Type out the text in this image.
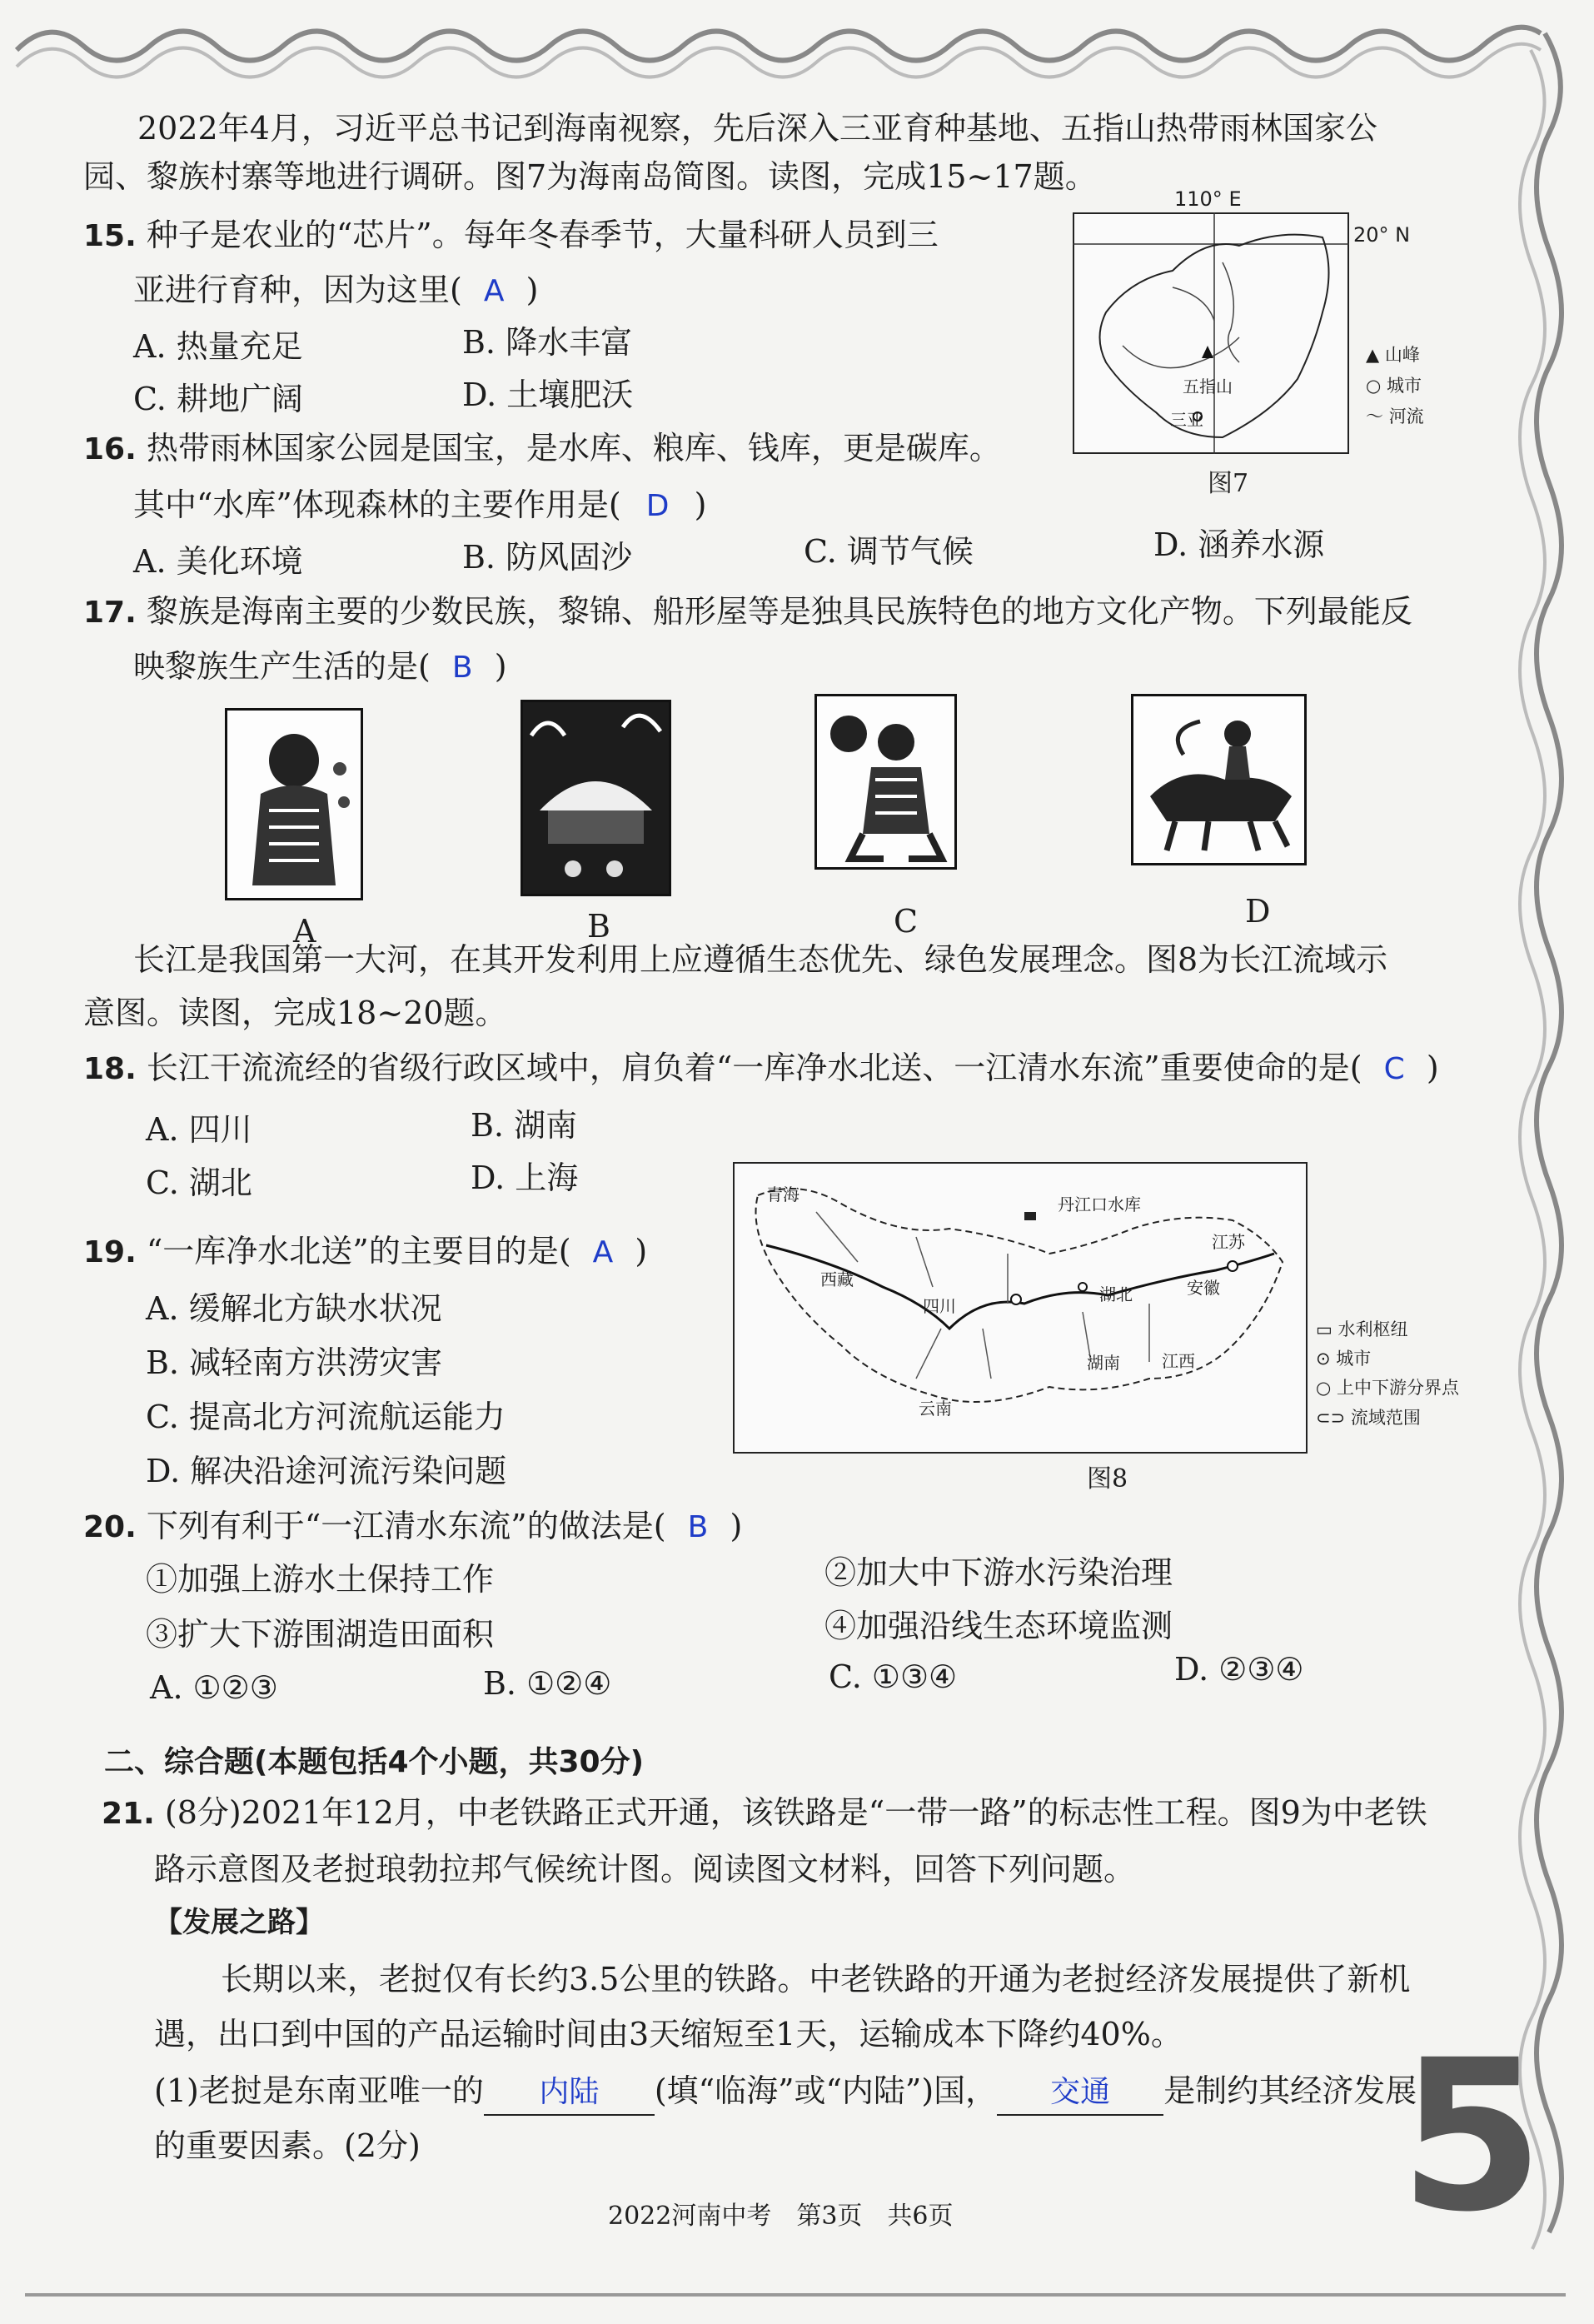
2022年4月，习近平总书记到海南视察，先后深入三亚育种基地、五指山热带雨林国家公
园、黎族村寨等地进行调研。图7为海南岛简图。读图，完成15~17题。
15. 种子是农业的“芯片”。每年冬春季节，大量科研人员到三
亚进行育种，因为这里( A )
A. 热量充足	B. 降水丰富
C. 耕地广阔	D. 土壤肥沃
110° E
20° N
五指山
三亚
▲ 山峰
○ 城市
〜 河流
图7
16. 热带雨林国家公园是国宝，是水库、粮库、钱库，更是碳库。
其中“水库”体现森林的主要作用是( D )
A. 美化环境	B. 防风固沙	C. 调节气候	D. 涵养水源
17. 黎族是海南主要的少数民族，黎锦、船形屋等是独具民族特色的地方文化产物。下列最能反
映黎族生产生活的是( B )
A	B	C	D
长江是我国第一大河，在其开发利用上应遵循生态优先、绿色发展理念。图8为长江流域示
意图。读图，完成18~20题。
18. 长江干流流经的省级行政区域中，肩负着“一库净水北送、一江清水东流”重要使命的是( C )
A. 四川	B. 湖南
C. 湖北	D. 上海	青海	丹江口水库
江苏
西藏
四川
湖北	安徽
湖南	江西
云南
▭ 水利枢纽
⊙ 城市
○ 上中下游分界点
⊂⊃ 流域范围
图8
19. “一库净水北送”的主要目的是( A )
A. 缓解北方缺水状况
B. 减轻南方洪涝灾害
C. 提高北方河流航运能力
D. 解决沿途河流污染问题
20. 下列有利于“一江清水东流”的做法是( B )
①加强上游水土保持工作	②加大中下游水污染治理
③扩大下游围湖造田面积	④加强沿线生态环境监测
A. ①②③	B. ①②④	C. ①③④	D. ②③④
二、综合题(本题包括4个小题，共30分)
21. (8分)2021年12月，中老铁路正式开通，该铁路是“一带一路”的标志性工程。图9为中老铁
路示意图及老挝琅勃拉邦气候统计图。阅读图文材料，回答下列问题。
【发展之路】
长期以来，老挝仅有长约3.5公里的铁路。中老铁路的开通为老挝经济发展提供了新机
遇，出口到中国的产品运输时间由3天缩短至1天，运输成本下降约40%。
(1)老挝是东南亚唯一的 内陆 (填“临海”或“内陆”)国， 交通 是制约其经济发展
的重要因素。(2分)	5
2022河南中考　第3页　共6页
